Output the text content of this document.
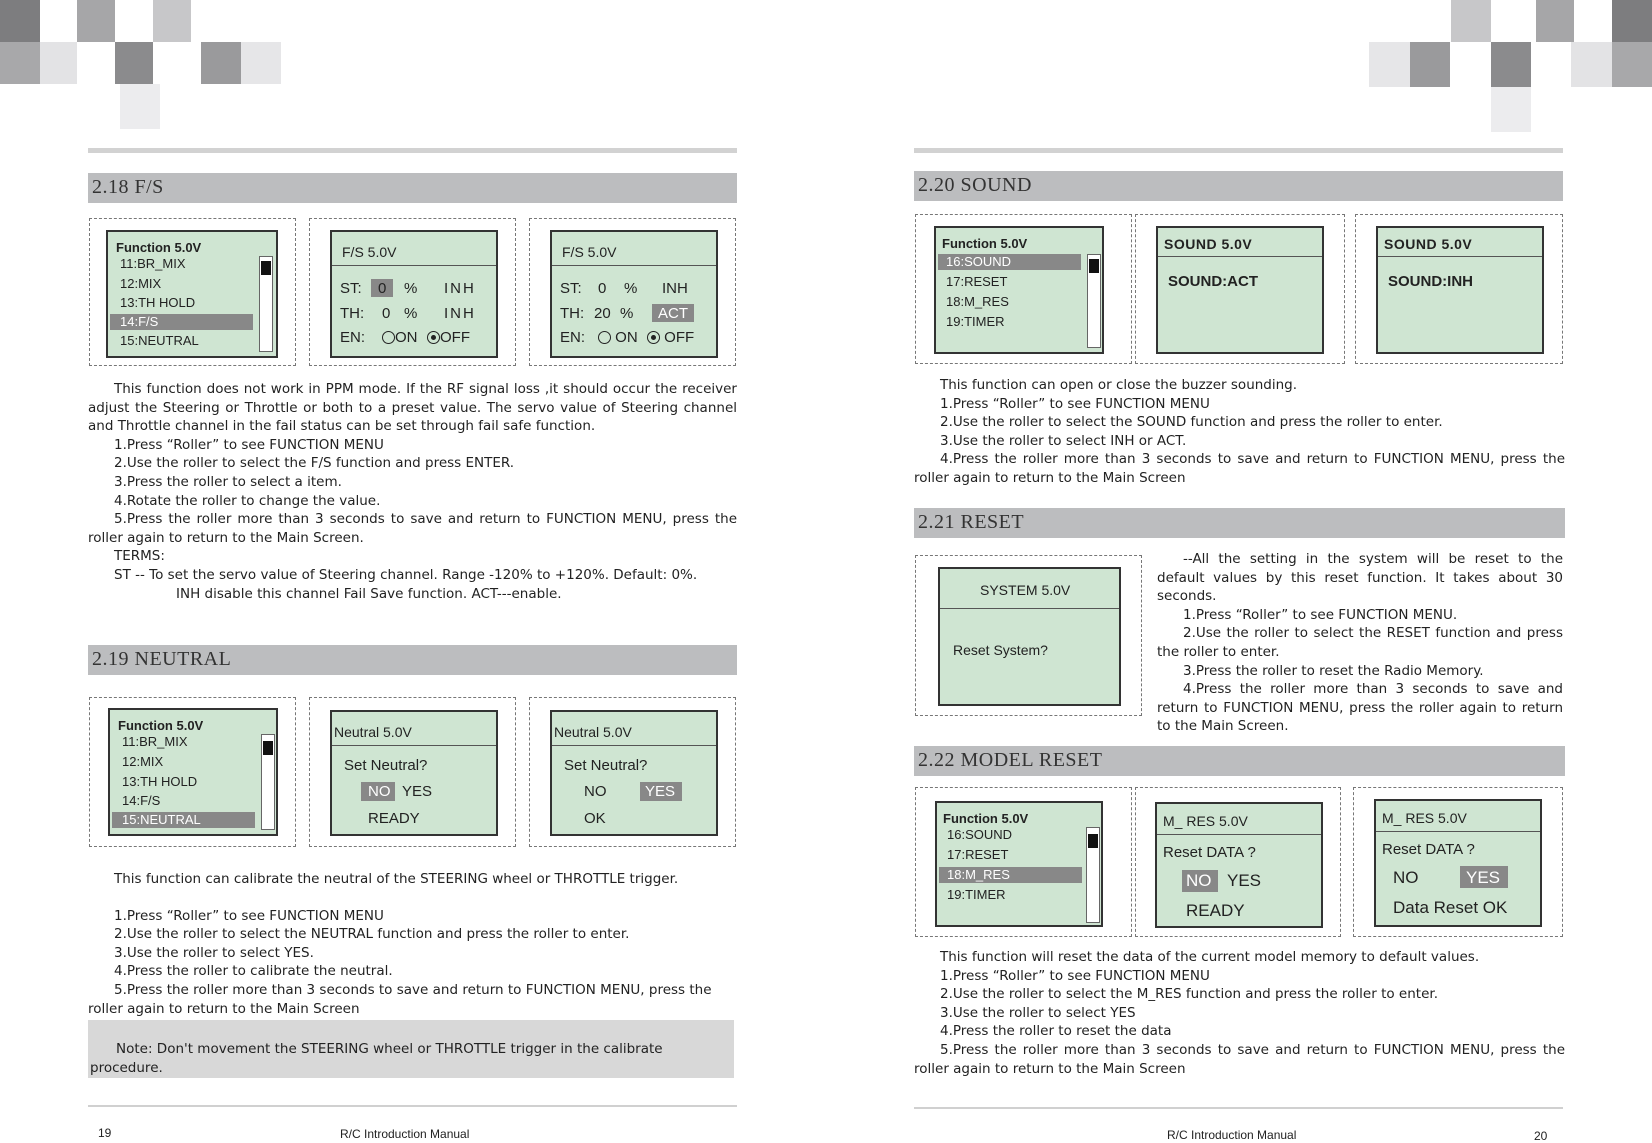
2.18 F/S
Function 5.0V
11:BR_MIX
12:MIX
13:TH HOLD
14:F/S
15:NEUTRAL
F/S 5.0V
ST: 0 % INH
TH: 0 % INH
EN:	ON	OFF
F/S 5.0V
ST: 0 % INH
TH: 20 % ACT
EN:	ON	OFF

This function does not work in PPM mode. If the RF signal loss ,it should occur the receiver adjust the Steering or Throttle or both to a preset value. The servo value of Steering channel and Throttle channel in the fail status can be set through fail safe function.

1.Press “Roller” to see FUNCTION MENU

2.Use the roller to select the F/S function and press ENTER.

3.Press the roller to select a item.

4.Rotate the roller to change the value.

5.Press the roller more than 3 seconds to save and return to FUNCTION MENU, press the roller again to return to the Main Screen.

TERMS:

ST -- To set the servo value of Steering channel. Range -120% to +120%. Default: 0%.

INH disable this channel Fail Save function. ACT---enable.

2.19 NEUTRAL
Function 5.0V
11:BR_MIX
12:MIX
13:TH HOLD
14:F/S
15:NEUTRAL
Neutral 5.0V
Set Neutral?
NO YES
READY
Neutral 5.0V
Set Neutral?
NO	YES
OK

This function can calibrate the neutral of the STEERING wheel or THROTTLE trigger.

1.Press “Roller” to see FUNCTION MENU

2.Use the roller to select the NEUTRAL function and press the roller to enter.

3.Use the roller to select YES.

4.Press the roller to calibrate the neutral.

5.Press the roller more than 3 seconds to save and return to FUNCTION MENU, press the roller again to return to the Main Screen

Note: Don't movement the STEERING wheel or THROTTLE trigger in the calibrate procedure.
19	R/C Introduction Manual
2.20 SOUND
Function 5.0V
16:SOUND
17:RESET
18:M_RES
19:TIMER
SOUND 5.0V
SOUND:ACT
SOUND 5.0V
SOUND:INH

This function can open or close the buzzer sounding.

1.Press “Roller” to see FUNCTION MENU

2.Use the roller to select the SOUND function and press the roller to enter.

3.Use the roller to select INH or ACT.

4.Press the roller more than 3 seconds to save and return to FUNCTION MENU, press the roller again to return to the Main Screen

2.21 RESET
SYSTEM 5.0V
Reset System?

--All the setting in the system will be reset to the default values by this reset function. It takes about 30 seconds.

1.Press “Roller” to see FUNCTION MENU.

2.Use the roller to select the RESET function and press the roller to enter.

3.Press the roller to reset the Radio Memory.

4.Press the roller more than 3 seconds to save and return to FUNCTION MENU, press the roller again to return to the Main Screen.

2.22 MODEL RESET
Function 5.0V
16:SOUND
17:RESET
18:M_RES
19:TIMER
M_ RES 5.0V
Reset DATA ?
NO YES
READY
M_ RES 5.0V
Reset DATA ?
NO	YES
Data Reset OK

This function will reset the data of the current model memory to default values.

1.Press “Roller” to see FUNCTION MENU

2.Use the roller to select the M_RES function and press the roller to enter.

3.Use the roller to select YES

4.Press the roller to reset the data

5.Press the roller more than 3 seconds to save and return to FUNCTION MENU, press the roller again to return to the Main Screen

R/C Introduction Manual	20
